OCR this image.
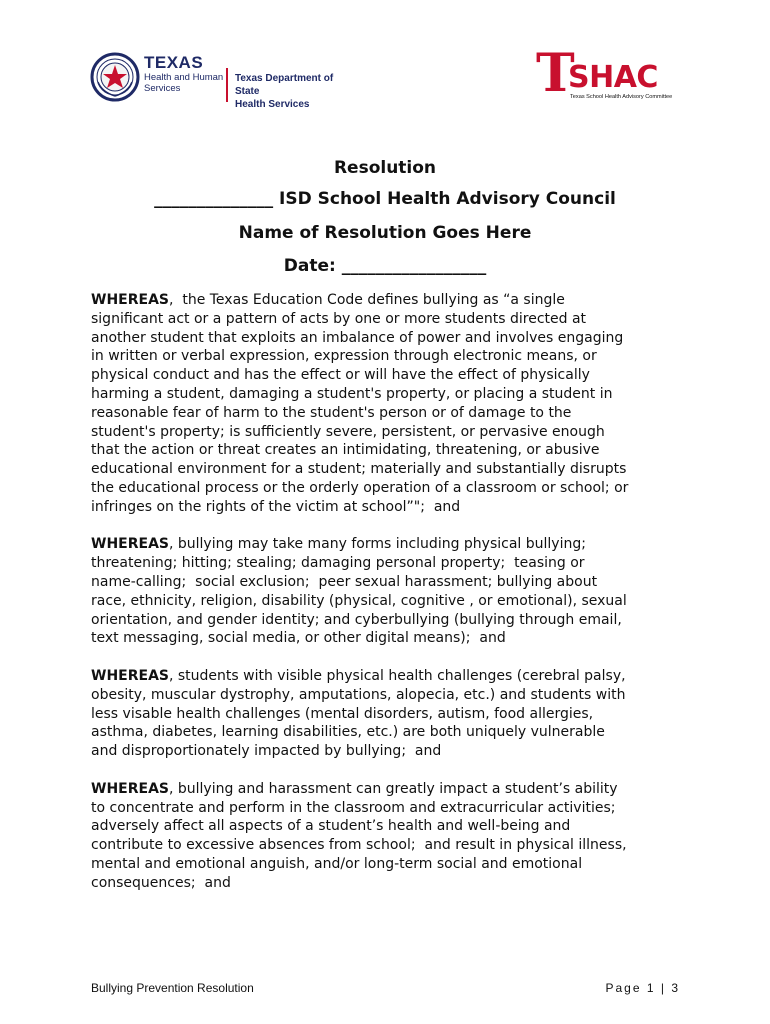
TEXAS
Health and Human
Services
Texas Department of State
Health Services
T
SHAC
Texas School Health Advisory Committee
Resolution
______________ ISD School Health Advisory Council
Name of Resolution Goes Here
Date: _________________
WHEREAS,  the Texas Education Code defines bullying as “a single
significant act or a pattern of acts by one or more students directed at
another student that exploits an imbalance of power and involves engaging
in written or verbal expression, expression through electronic means, or
physical conduct and has the effect or will have the effect of physically
harming a student, damaging a student's property, or placing a student in
reasonable fear of harm to the student's person or of damage to the
student's property; is sufficiently severe, persistent, or pervasive enough
that the action or threat creates an intimidating, threatening, or abusive
educational environment for a student; materially and substantially disrupts
the educational process or the orderly operation of a classroom or school; or
infringes on the rights of the victim at school”";  and
WHEREAS, bullying may take many forms including physical bullying;
threatening; hitting; stealing; damaging personal property;  teasing or
name-calling;  social exclusion;  peer sexual harassment; bullying about
race, ethnicity, religion, disability (physical, cognitive , or emotional), sexual
orientation, and gender identity; and cyberbullying (bullying through email,
text messaging, social media, or other digital means);  and
WHEREAS, students with visible physical health challenges (cerebral palsy,
obesity, muscular dystrophy, amputations, alopecia, etc.) and students with
less visable health challenges (mental disorders, autism, food allergies,
asthma, diabetes, learning disabilities, etc.) are both uniquely vulnerable
and disproportionately impacted by bullying;  and
WHEREAS, bullying and harassment can greatly impact a student’s ability
to concentrate and perform in the classroom and extracurricular activities;
adversely affect all aspects of a student’s health and well-being and
contribute to excessive absences from school;  and result in physical illness,
mental and emotional anguish, and/or long-term social and emotional
consequences;  and
Bullying Prevention Resolution	Page 1 | 3
